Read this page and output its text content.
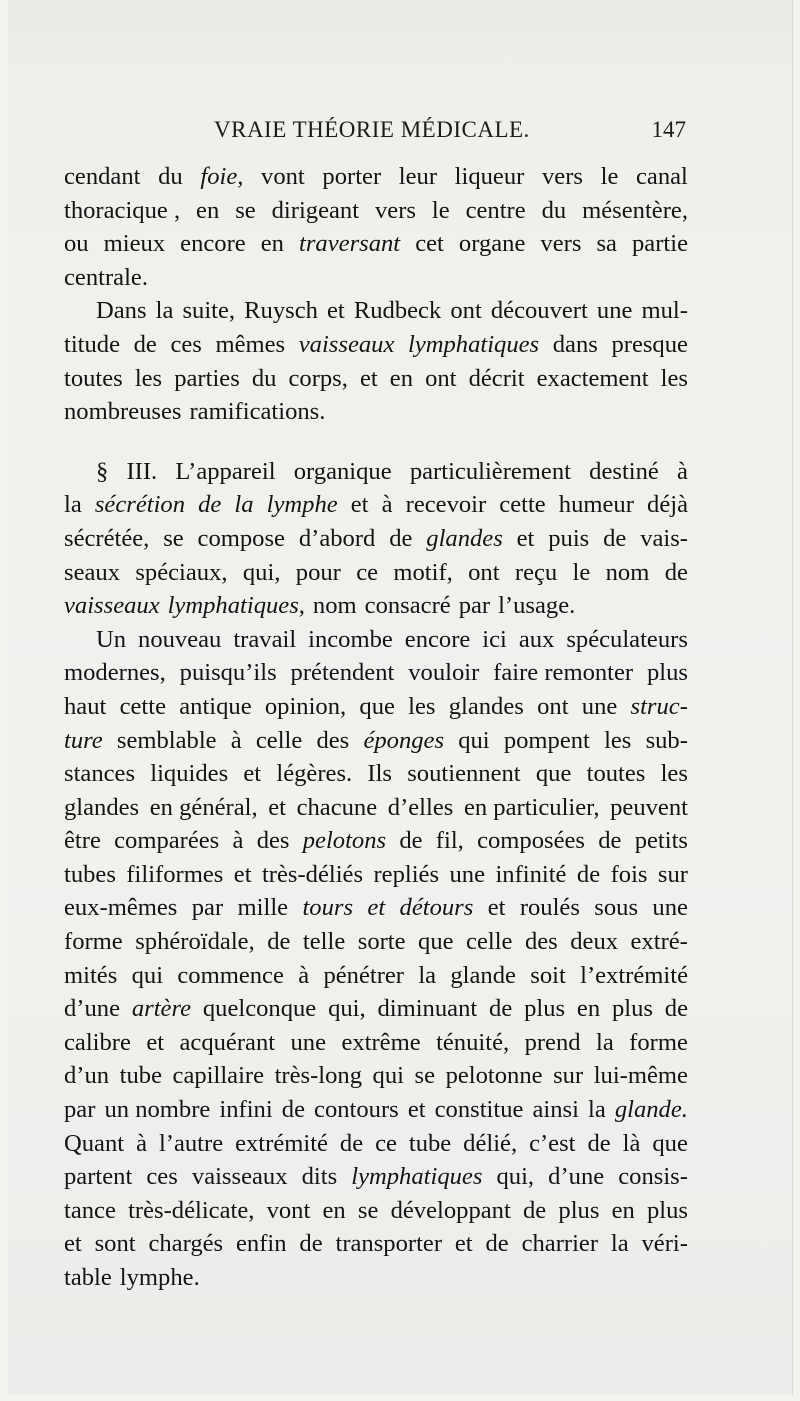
VRAIE THÉORIE MÉDICALE.	147
cendant du foie, vont porter leur liqueur vers le canal
thoracique , en se dirigeant vers le centre du mésentère,
ou mieux encore en traversant cet organe vers sa partie
centrale.
Dans la suite, Ruysch et Rudbeck ont découvert une mul-
titude de ces mêmes vaisseaux lymphatiques dans presque
toutes les parties du corps, et en ont décrit exactement les
nombreuses ramifications.
§ III. L’appareil organique particulièrement destiné à
la sécrétion de la lymphe et à recevoir cette humeur déjà
sécrétée, se compose d’abord de glandes et puis de vais-
seaux spéciaux, qui, pour ce motif, ont reçu le nom de
vaisseaux lymphatiques, nom consacré par l’usage.
Un nouveau travail incombe encore ici aux spéculateurs
modernes, puisqu’ils prétendent vouloir faire remonter plus
haut cette antique opinion, que les glandes ont une struc-
ture semblable à celle des éponges qui pompent les sub-
stances liquides et légères. Ils soutiennent que toutes les
glandes en général, et chacune d’elles en particulier, peuvent
être comparées à des pelotons de fil, composées de petits
tubes filiformes et très-déliés repliés une infinité de fois sur
eux-mêmes par mille tours et détours et roulés sous une
forme sphéroïdale, de telle sorte que celle des deux extré-
mités qui commence à pénétrer la glande soit l’extrémité
d’une artère quelconque qui, diminuant de plus en plus de
calibre et acquérant une extrême ténuité, prend la forme
d’un tube capillaire très-long qui se pelotonne sur lui-même
par un nombre infini de contours et constitue ainsi la glande.
Quant à l’autre extrémité de ce tube délié, c’est de là que
partent ces vaisseaux dits lymphatiques qui, d’une consis-
tance très-délicate, vont en se développant de plus en plus
et sont chargés enfin de transporter et de charrier la véri-
table lymphe.
